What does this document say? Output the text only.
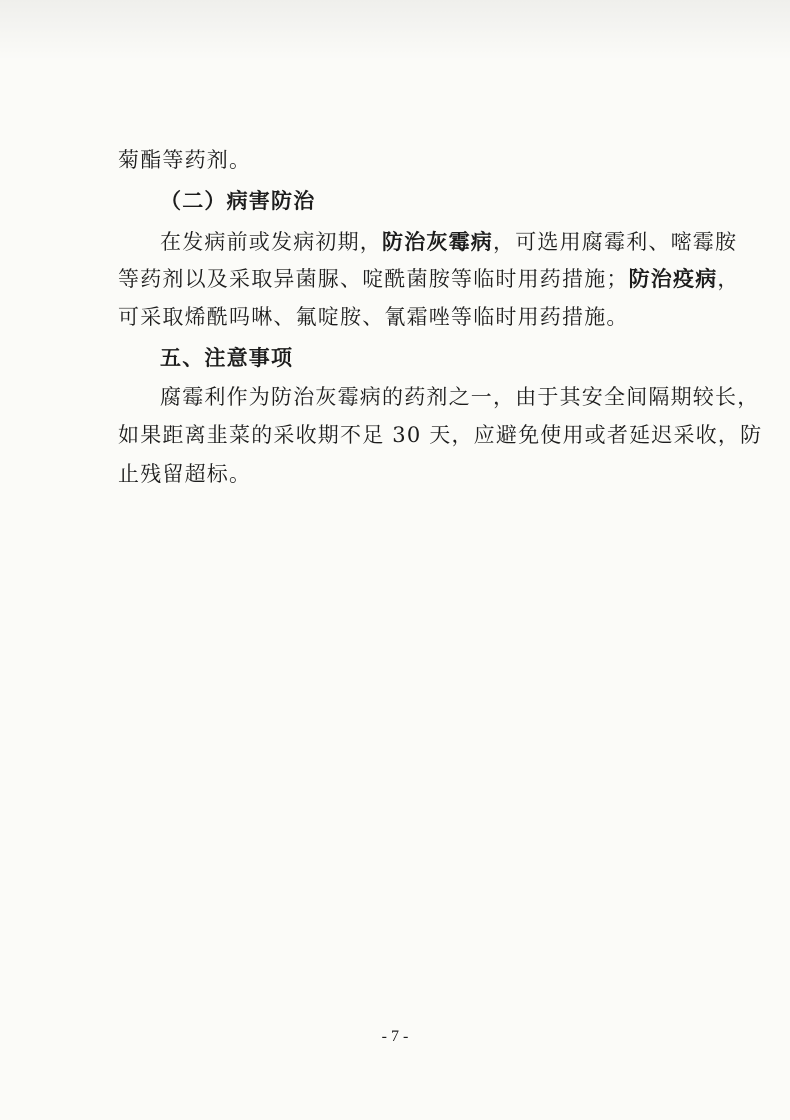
菊酯等药剂。
（二）病害防治
在发病前或发病初期，防治灰霉病，可选用腐霉利、嘧霉胺
等药剂以及采取异菌脲、啶酰菌胺等临时用药措施；防治疫病，
可采取烯酰吗啉、氟啶胺、氰霜唑等临时用药措施。
五、注意事项
腐霉利作为防治灰霉病的药剂之一，由于其安全间隔期较长，
如果距离韭菜的采收期不足 30 天，应避免使用或者延迟采收，防
止残留超标。
- 7 -
